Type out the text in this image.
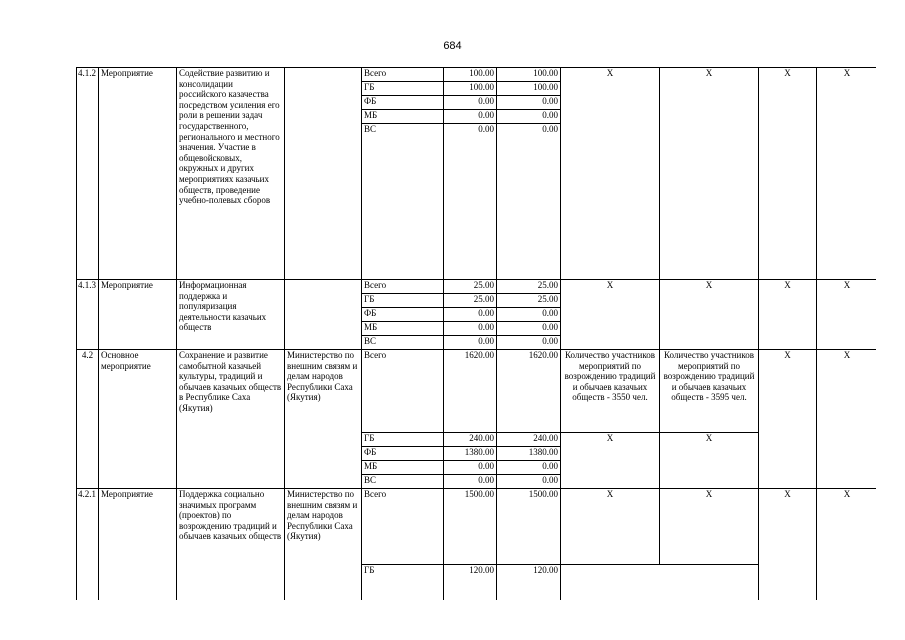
684
4.1.2	Мероприятие	Содействие развитию и консолидации российского казачества посредством усиления его роли в решении задач государственного, регионального и местного значения. Участие в общевойсковых, окружных и других мероприятиях казачьих обществ, проведение учебно-полевых сборов		Всего	100.00	100.00	Х	Х	Х	Х
				ГБ	100.00	100.00				
				ФБ	0.00	0.00				
				МБ	0.00	0.00				
				ВС	0.00	0.00				
4.1.3	Мероприятие	Информационная поддержка и популяризация деятельности казачьих обществ		Всего	25.00	25.00	Х	Х	Х	Х
				ГБ	25.00	25.00				
				ФБ	0.00	0.00				
				МБ	0.00	0.00				
				ВС	0.00	0.00				
4.2	Основное мероприятие	Сохранение и развитие самобытной казачьей культуры, традиций и обычаев казачьих обществ в Республике Саха (Якутия)	Министерство по внешним связям и делам народов Республики Саха (Якутия)	Всего	1620.00	1620.00	Количество участников мероприятий по возрождению традиций и обычаев казачьих обществ - 3550 чел.	Количество участников мероприятий по возрождению традиций и обычаев казачьих обществ - 3595 чел.	Х	Х
				ГБ	240.00	240.00	Х	Х		
				ФБ	1380.00	1380.00				
				МБ	0.00	0.00				
				ВС	0.00	0.00				
4.2.1	Мероприятие	Поддержка социально значимых программ (проектов) по возрождению традиций и обычаев казачьих обществ	Министерство по внешним связям и делам народов Республики Саха (Якутия)	Всего	1500.00	1500.00	Х	Х	Х	Х
				ГБ	120.00	120.00				
